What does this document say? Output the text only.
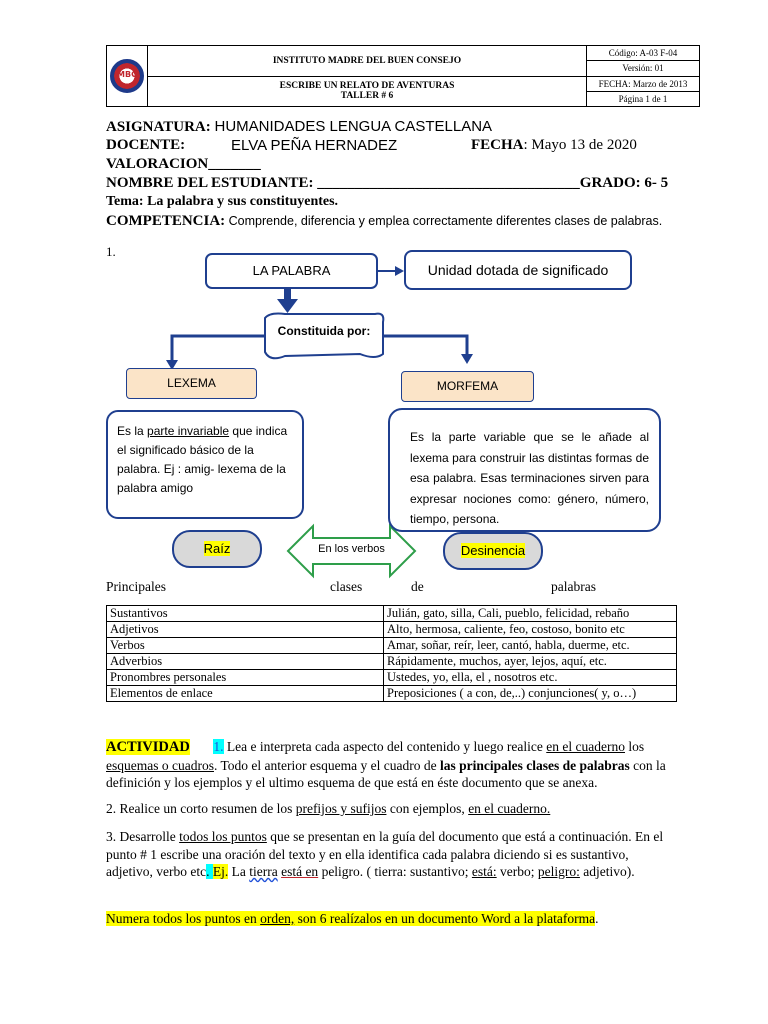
MBC	INSTITUTO MADRE DEL BUEN CONSEJO	Código: A-03 F-04
		Versión: 01

	ESCRIBE UN RELATO DE AVENTURAS
TALLER # 6	FECHA: Marzo de 2013
		Página 1 de 1
ASIGNATURA: HUMANIDADES LENGUA CASTELLANA
DOCENTE:	ELVA PEÑA HERNADEZ	FECHA: Mayo 13 de 2020
VALORACION_______
NOMBRE DEL ESTUDIANTE: ___________________________________GRADO: 6- 5
Tema: La palabra y sus constituyentes.
COMPETENCIA: Comprende, diferencia y emplea correctamente diferentes clases de palabras.
1.
LA PALABRA	Unidad dotada de significado
Constituida por:
LEXEMA	MORFEMA
Es la parte invariable que indica el significado básico de la palabra. Ej : amig- lexema de la palabra amigo
Es la parte variable que se le añade al lexema para construir las distintas formas de esa palabra. Esas terminaciones sirven para expresar nociones como: género, número, tiempo, persona.
Raíz	En los verbos	Desinencia
Principales	clases	de	palabras
Sustantivos	Julián, gato, silla, Cali, pueblo, felicidad, rebaño
Adjetivos	Alto, hermosa, caliente, feo, costoso, bonito etc
Verbos	Amar, soñar, reír, leer, cantó, habla, duerme, etc.
Adverbios	Rápidamente, muchos, ayer, lejos, aquí, etc.
Pronombres personales	Ustedes, yo, ella, el , nosotros etc.
Elementos de enlace	Preposiciones ( a con, de,..) conjunciones( y, o…)
ACTIVIDAD 1. Lea e interpreta cada aspecto del contenido y luego realice en el cuaderno los esquemas o cuadros. Todo el anterior esquema y el cuadro de las principales clases de palabras con la definición y los ejemplos y el ultimo esquema de que está en éste documento que se anexa.
2. Realice un corto resumen de los prefijos y sufijos con ejemplos, en el cuaderno.
3. Desarrolle todos los puntos que se presentan en la guía del documento que está a continuación. En el punto # 1 escribe una oración del texto y en ella identifica cada palabra diciendo si es sustantivo, adjetivo, verbo etc. Ej. La tierra está en peligro. ( tierra: sustantivo; está: verbo; peligro: adjetivo).
Numera todos los puntos en orden, son 6 realízalos en un documento Word a la plataforma.
